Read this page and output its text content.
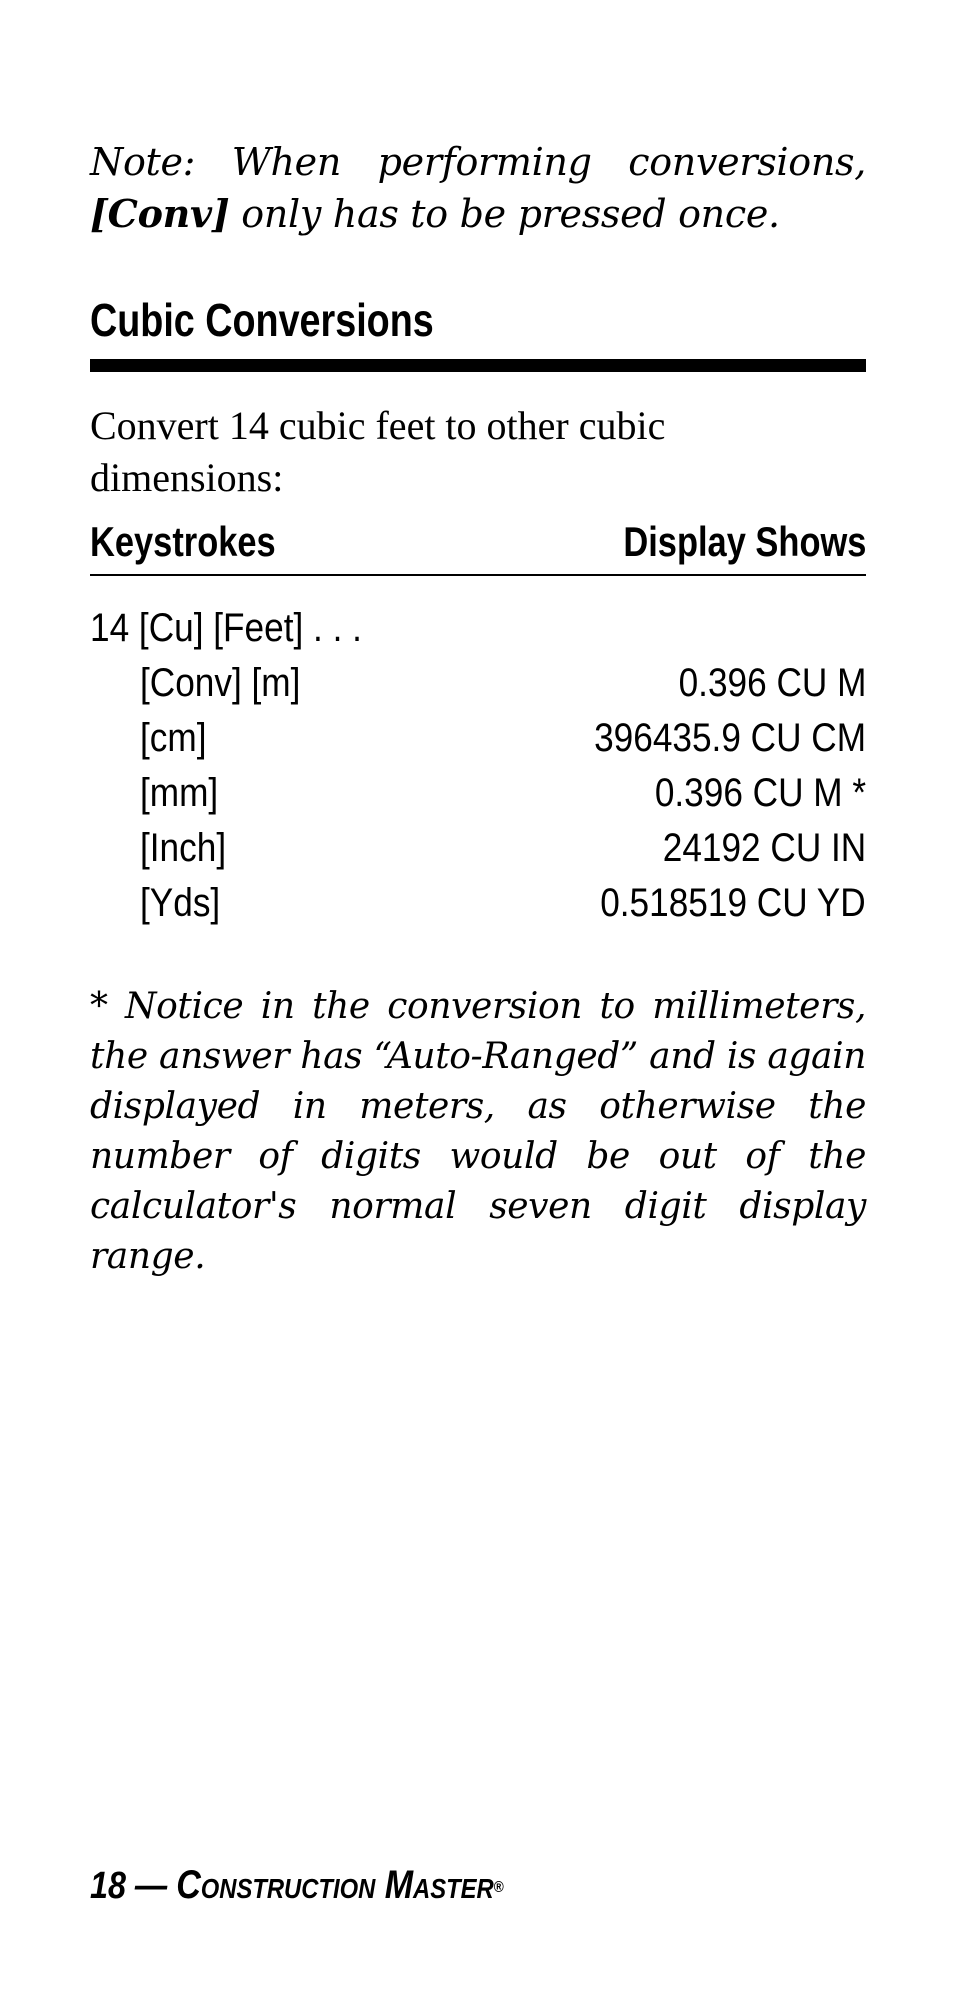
Note: When performing conversions, [Conv] only has to be pressed once.

Cubic Conversions
Convert 14 cubic feet to other cubic dimensions:
Keystrokes	Display Shows
14 [Cu] [Feet] . . .
[Conv] [m]	0.396 CU M
[cm]	396435.9 CU CM
[mm]	0.396 CU M *
[Inch]	24192 CU IN
[Yds]	0.518519 CU YD

* Notice in the conversion to millimeters, the answer has “Auto-Ranged” and is again displayed in meters, as otherwise the number of digits would be out of the calculator's normal seven digit display range.

18 — Construction Master®
